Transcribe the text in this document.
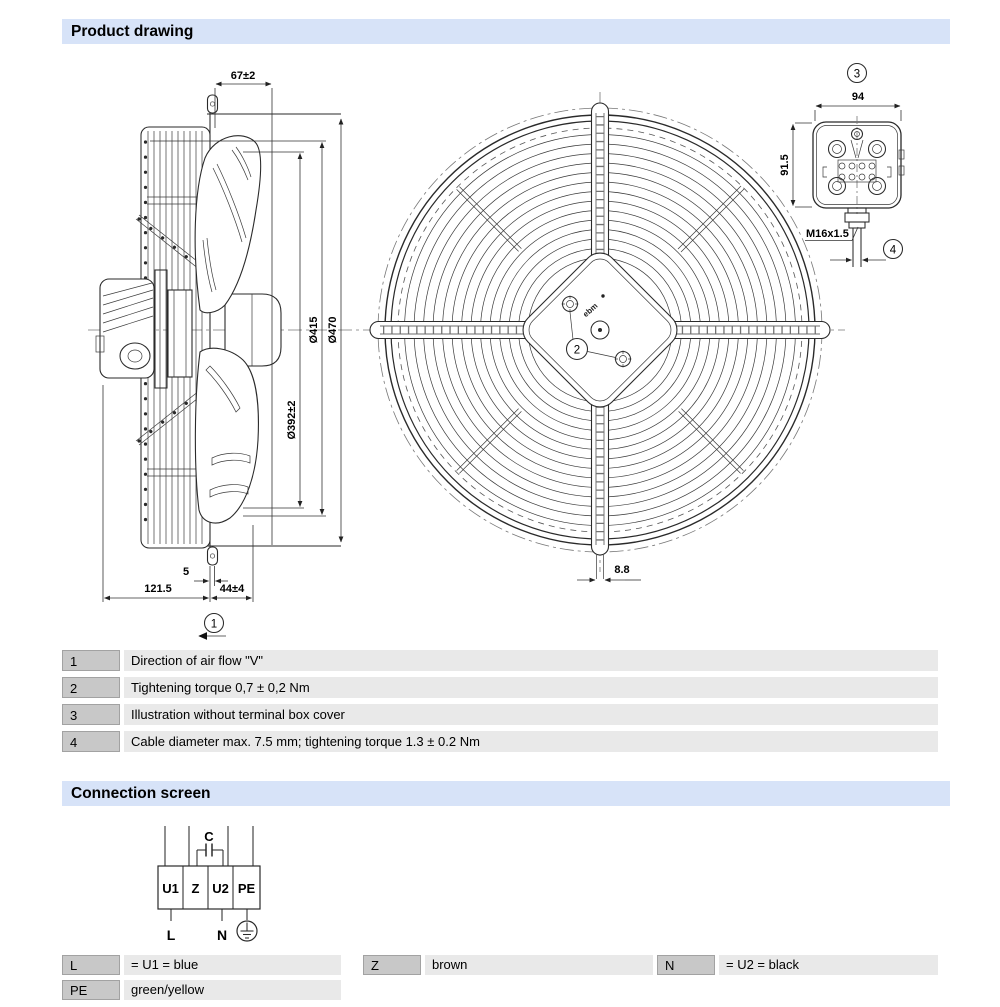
67±2
Ø470
Ø415
Ø392±2
121.5	44±4
5
1
ebm
2
8.8
3
94
91.5
M16x1.5
4
C
U1 Z U2 PE
L	N
Product drawing
1	Direction of air flow "V"
2	Tightening torque 0,7 ± 0,2 Nm
3	Illustration without terminal box cover
4	Cable diameter max. 7.5 mm; tightening torque 1.3 ± 0.2 Nm
Connection screen
L	= U1 = blue	Z	brown	N	= U2 = black
PE	green/yellow
